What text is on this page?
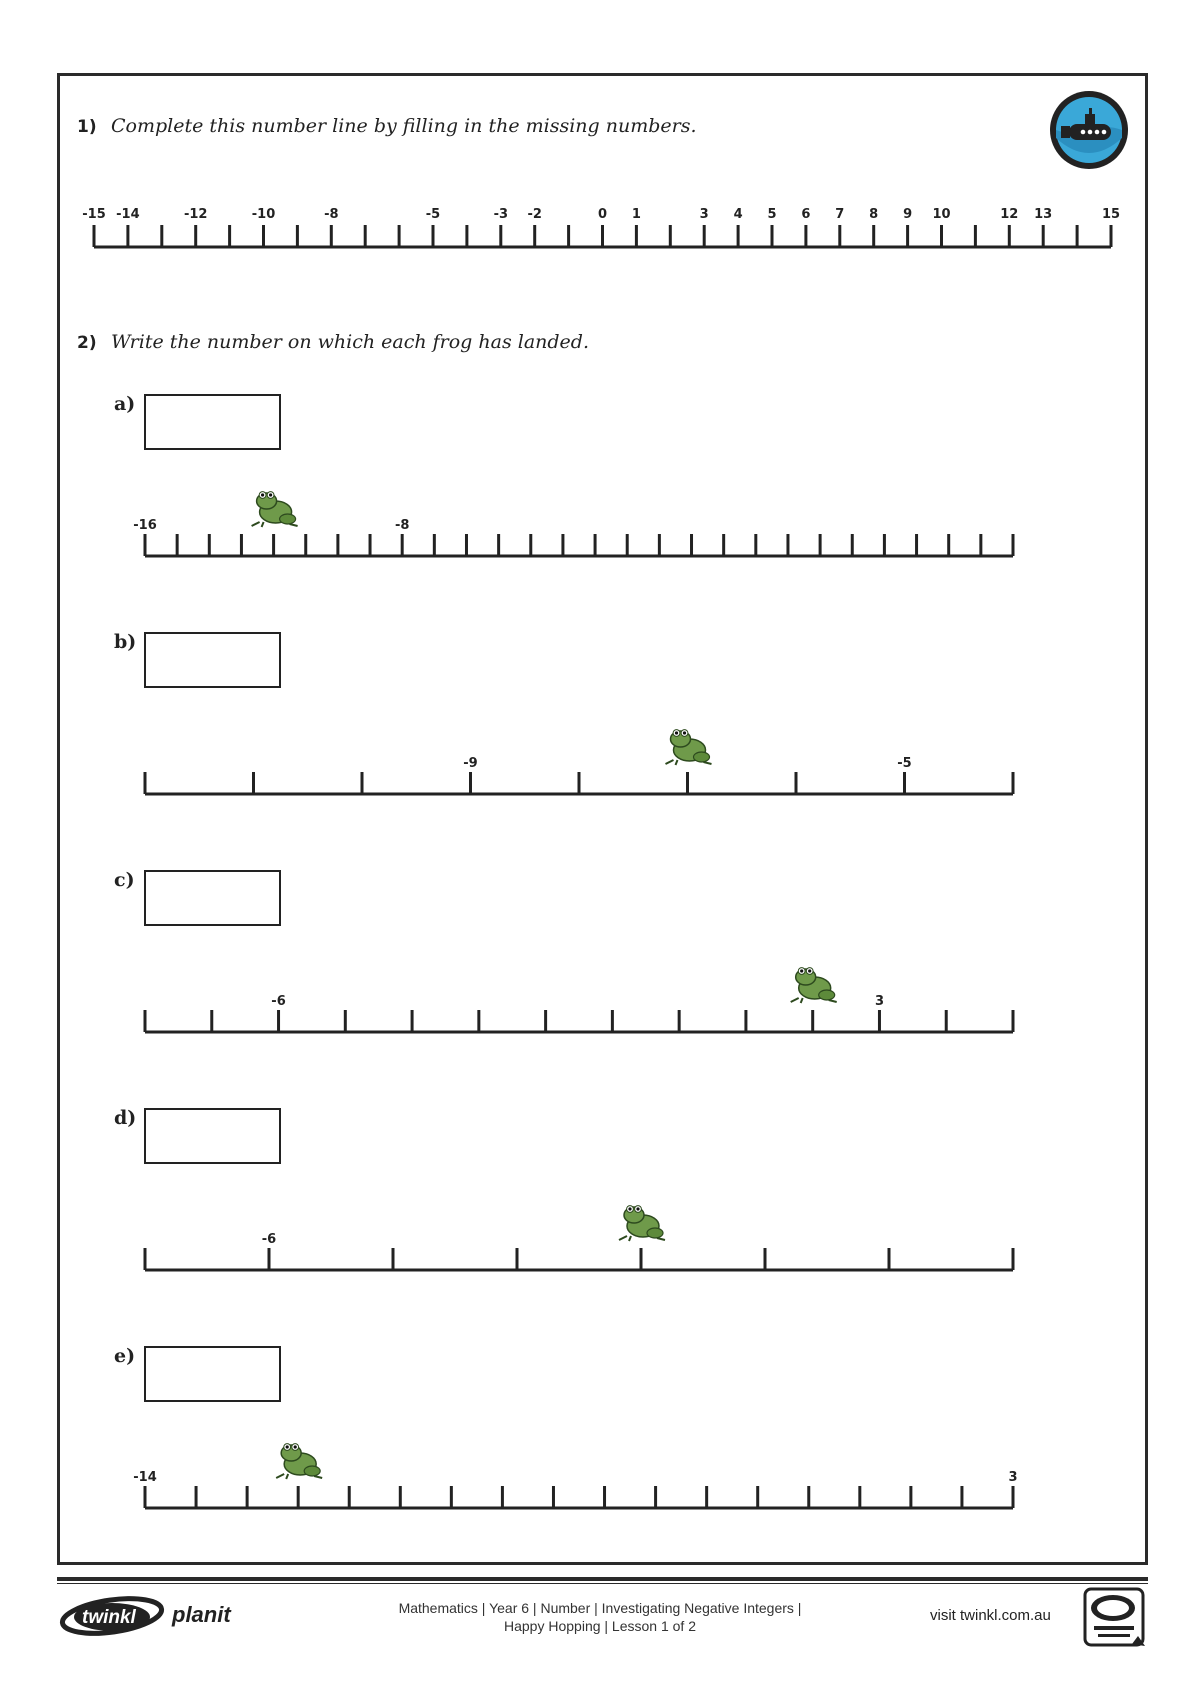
1) Complete this number line by filling in the missing numbers.
-15 -14	-12	-10	-8	-5	-3 -2	0 1	3 4 5 6 7 8 9 10	12 13	15
2) Write the number on which each frog has landed.
a)
b)
c)
d)
e)
-16	-8
-9	-5
-6	3
-6
-14	3
twinkl planit	Mathematics | Year 6 | Number | Investigating Negative Integers |
Happy Hopping | Lesson 1 of 2
visit twinkl.com.au
